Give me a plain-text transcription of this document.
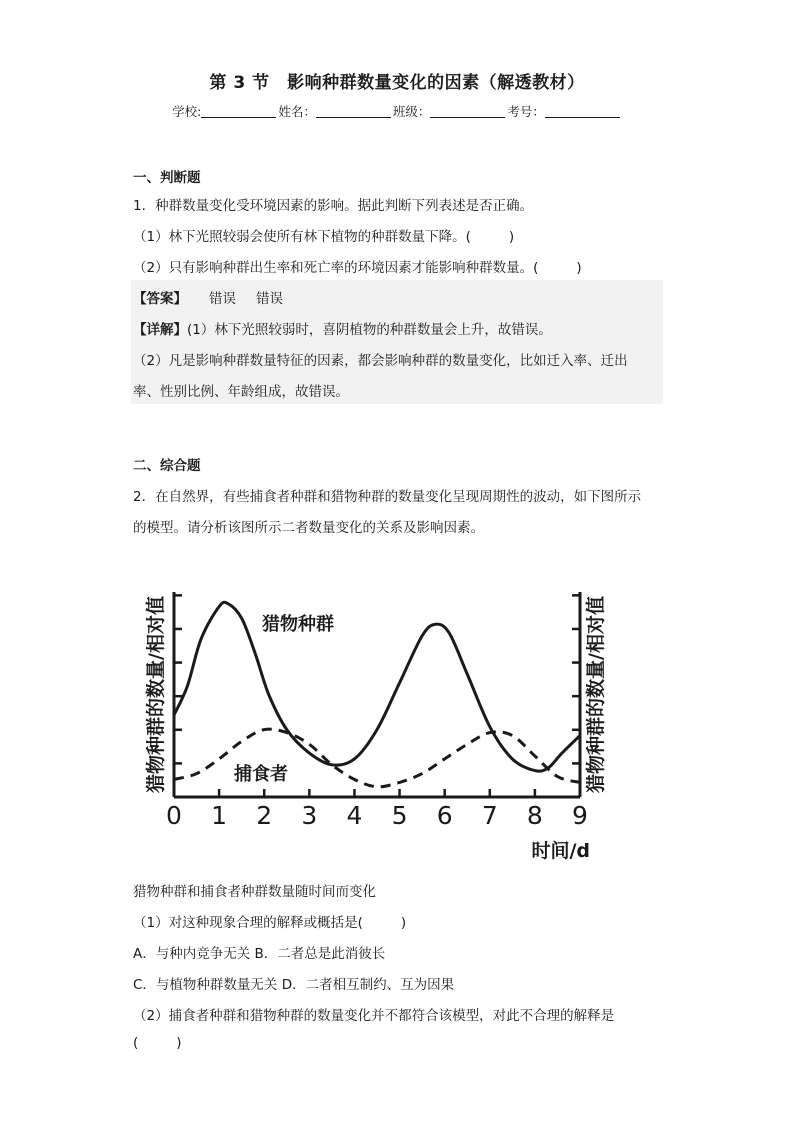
第 3 节　影响种群数量变化的因素（解透教材）
学校:	姓名：	班级：	考号：
一、判断题
1．种群数量变化受环境因素的影响。据此判断下列表述是否正确。
（1）林下光照较弱会使所有林下植物的种群数量下降。(	)
（2）只有影响种群出生率和死亡率的环境因素才能影响种群数量。(	)
【答案】 错误 错误
【详解】(1）林下光照较弱时，喜阴植物的种群数量会上升，故错误。
（2）凡是影响种群数量特征的因素，都会影响种群的数量变化，比如迁入率、迁出
率、性别比例、年龄组成，故错误。
二、综合题
2．在自然界，有些捕食者种群和猎物种群的数量变化呈现周期性的波动，如下图所示
的模型。请分析该图所示二者数量变化的关系及影响因素。
0 1 2 3 4 5 6 7 8 9
猎物种群
捕食者
猎物种群的数量/相对值	猎物种群的数量/相对值
时间/d
猎物种群和捕食者种群数量随时间而变化
（1）对这种现象合理的解释或概括是(	)
A．与种内竞争无关 B．二者总是此消彼长
C．与植物种群数量无关 D．二者相互制约、互为因果
（2）捕食者种群和猎物种群的数量变化并不都符合该模型，对此不合理的解释是
(	)
